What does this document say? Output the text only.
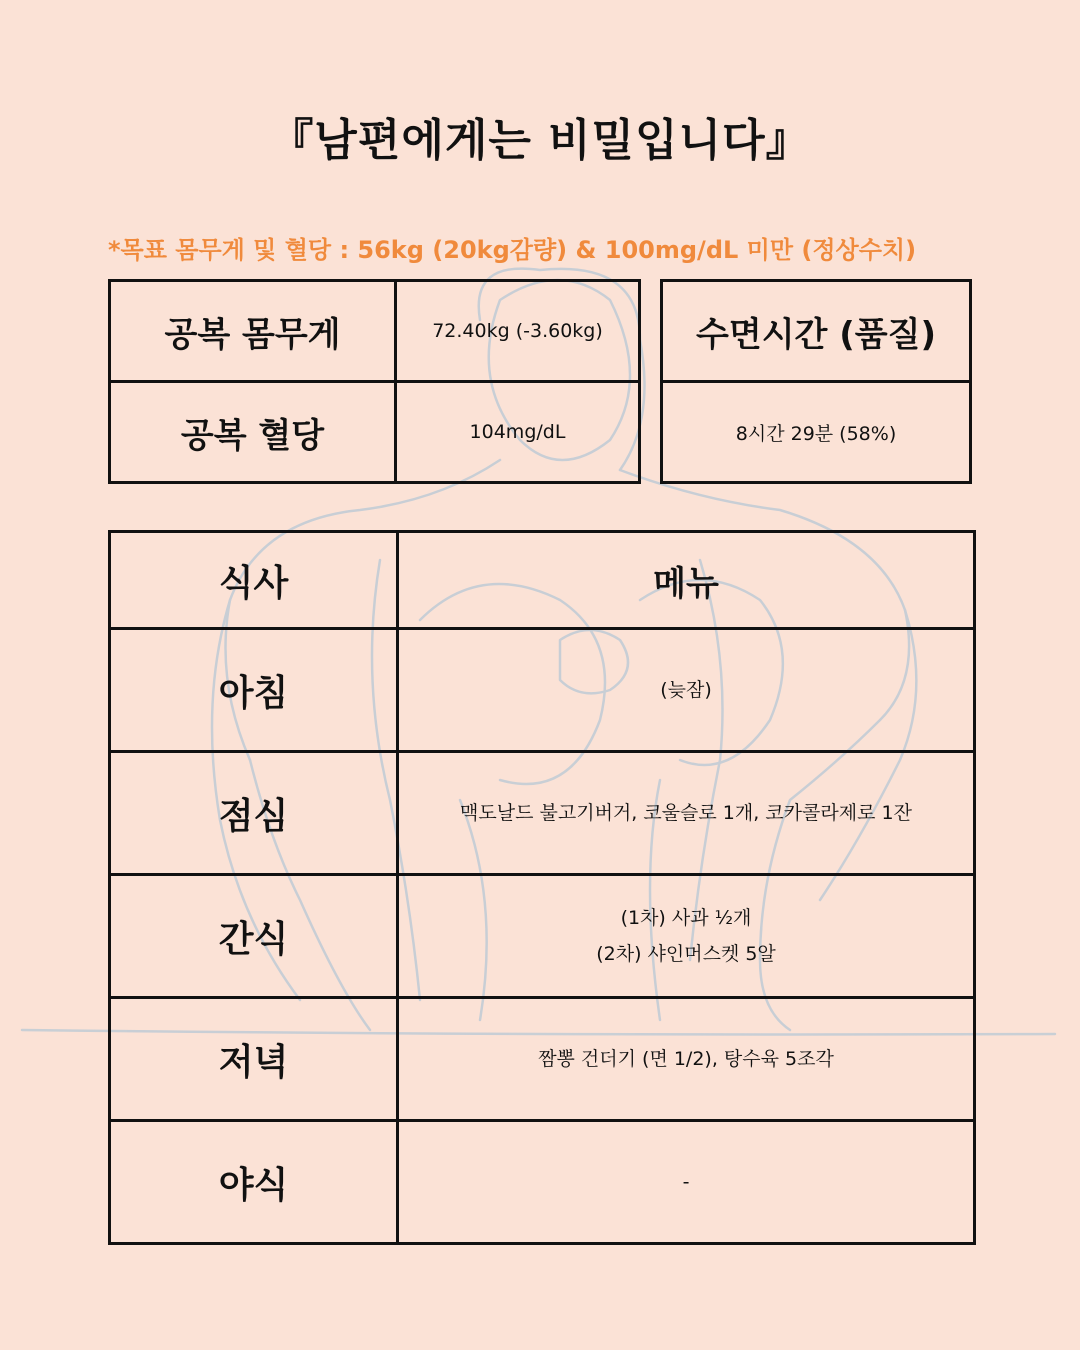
『남편에게는 비밀입니다』
*목표 몸무게 및 혈당 : 56kg (20kg감량) & 100mg/dL 미만 (정상수치)
공복 몸무게	72.40kg (-3.60kg)
공복 혈당	104mg/dL
수면시간 (품질)
8시간 29분 (58%)
식사	메뉴
아침	(늦잠)

점심	맥도날드 불고기버거, 코울슬로 1개, 코카콜라제로 1잔

간식	(1차) 사과 ½개
(2차) 샤인머스켓 5알

저녁	짬뽕 건더기 (면 1/2), 탕수육 5조각

야식	-
